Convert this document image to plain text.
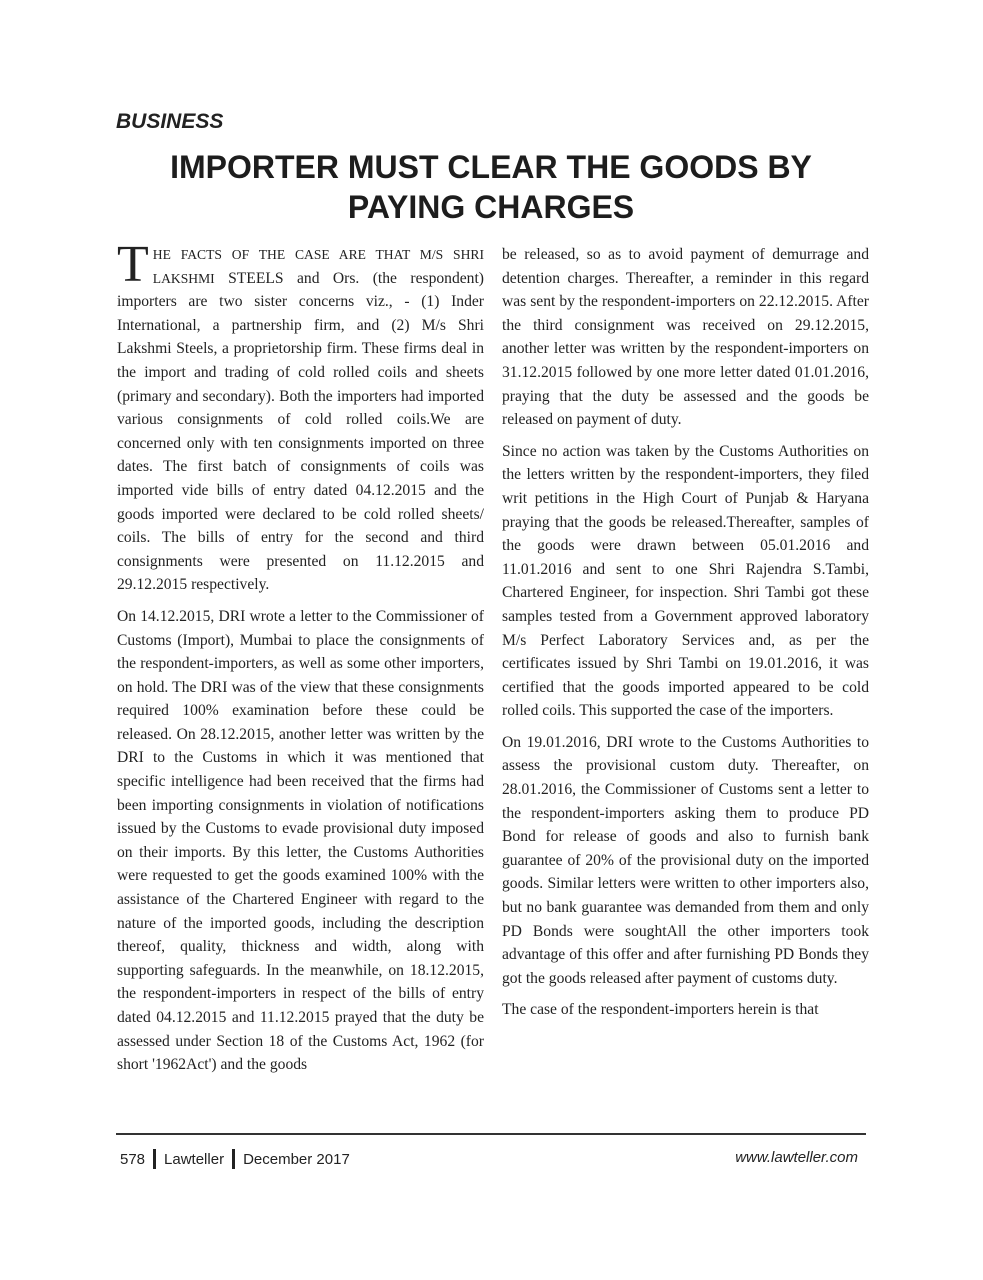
BUSINESS
IMPORTER MUST CLEAR THE GOODS BY PAYING CHARGES

THE FACTS OF THE CASE ARE THAT M/S SHRI LAKSHMI STEELS and Ors. (the respondent) importers are two sister concerns viz., - (1) Inder International, a partnership firm, and (2) M/s Shri Lakshmi Steels, a proprietorship firm. These firms deal in the import and trading of cold rolled coils and sheets (primary and secondary). Both the importers had imported various consignments of cold rolled coils.We are concerned only with ten consignments imported on three dates. The first batch of consignments of coils was imported vide bills of entry dated 04.12.2015 and the goods imported were declared to be cold rolled sheets/ coils. The bills of entry for the second and third consignments were presented on 11.12.2015 and 29.12.2015 respectively.

On 14.12.2015, DRI wrote a letter to the Commissioner of Customs (Import), Mumbai to place the consignments of the respondent-importers, as well as some other importers, on hold. The DRI was of the view that these consignments required 100% examination before these could be released. On 28.12.2015, another letter was written by the DRI to the Customs in which it was mentioned that specific intelligence had been received that the firms had been importing consignments in violation of notifications issued by the Customs to evade provisional duty imposed on their imports. By this letter, the Customs Authorities were requested to get the goods examined 100% with the assistance of the Chartered Engineer with regard to the nature of the imported goods, including the description thereof, quality, thickness and width, along with supporting safeguards. In the meanwhile, on 18.12.2015, the respondent-importers in respect of the bills of entry dated 04.12.2015 and 11.12.2015 prayed that the duty be assessed under Section 18 of the Customs Act, 1962 (for short '1962Act') and the goods

be released, so as to avoid payment of demurrage and detention charges. Thereafter, a reminder in this regard was sent by the respondent-importers on 22.12.2015. After the third consignment was received on 29.12.2015, another letter was written by the respondent-importers on 31.12.2015 followed by one more letter dated 01.01.2016, praying that the duty be assessed and the goods be released on payment of duty.

Since no action was taken by the Customs Authorities on the letters written by the respondent-importers, they filed writ petitions in the High Court of Punjab & Haryana praying that the goods be released.Thereafter, samples of the goods were drawn between 05.01.2016 and 11.01.2016 and sent to one Shri Rajendra S.Tambi, Chartered Engineer, for inspection. Shri Tambi got these samples tested from a Government approved laboratory M/s Perfect Laboratory Services and, as per the certificates issued by Shri Tambi on 19.01.2016, it was certified that the goods imported appeared to be cold rolled coils. This supported the case of the importers.

On 19.01.2016, DRI wrote to the Customs Authorities to assess the provisional custom duty. Thereafter, on 28.01.2016, the Commissioner of Customs sent a letter to the respondent-importers asking them to produce PD Bond for release of goods and also to furnish bank guarantee of 20% of the provisional duty on the imported goods. Similar letters were written to other importers also, but no bank guarantee was demanded from them and only PD Bonds were soughtAll the other importers took advantage of this offer and after furnishing PD Bonds they got the goods released after payment of customs duty.

The case of the respondent-importers herein is that

578 Lawteller December 2017	www.lawteller.com
